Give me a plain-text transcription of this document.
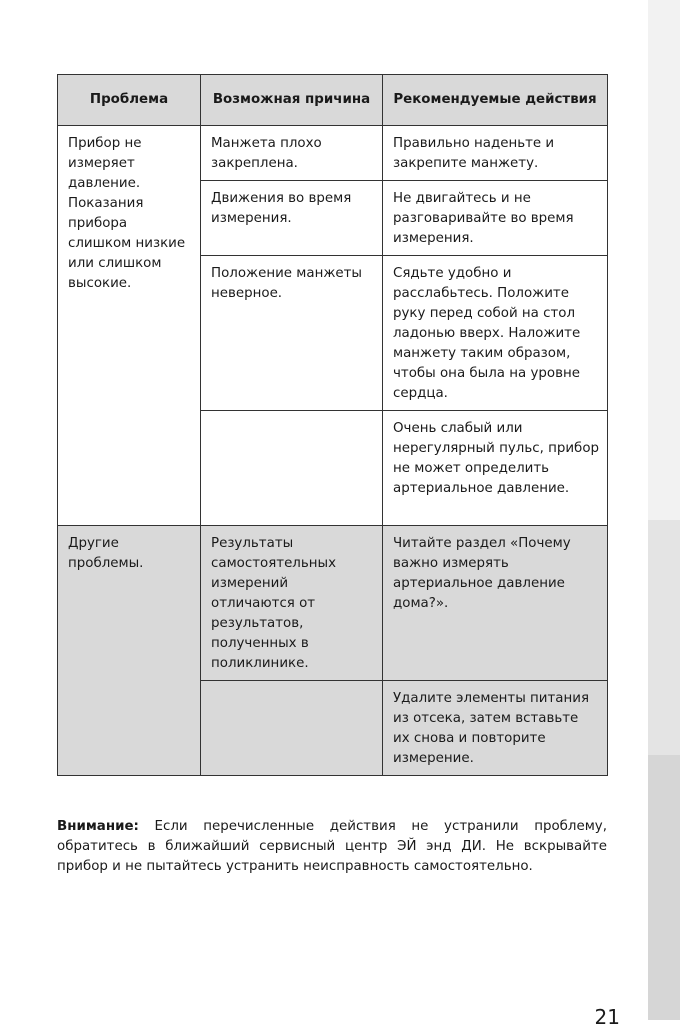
Проблема	Возможная причина	Рекомендуемые действия
Прибор не измеряет давление. Показания прибора слишком низкие или слишком высокие.	Манжета плохо закреплена.	Правильно наденьте и закрепите манжету.
	Движения во время измерения.	Не двигайтесь и не разговаривайте во время измерения.
	Положение манжеты неверное.	Сядьте удобно и расслабьтесь. Положите руку перед собой на стол ладонью вверх. Наложите манжету таким образом, чтобы она была на уровне сердца.
		Очень слабый или нерегулярный пульс, прибор не может определить артериальное давление.
Другие проблемы.	Результаты самостоятельных измерений отличаются от результатов, полученных в поликлинике.	Читайте раздел «Почему важно измерять артериальное давление дома?».
		Удалите элементы питания из отсека, затем вставьте их снова и повторите измерение.

Внимание: Если перечисленные действия не устранили проблему, обратитесь в ближайший сервисный центр ЭЙ энд ДИ. Не вскрывайте прибор и не пытайтесь устранить неисправность самостоятельно.

21
